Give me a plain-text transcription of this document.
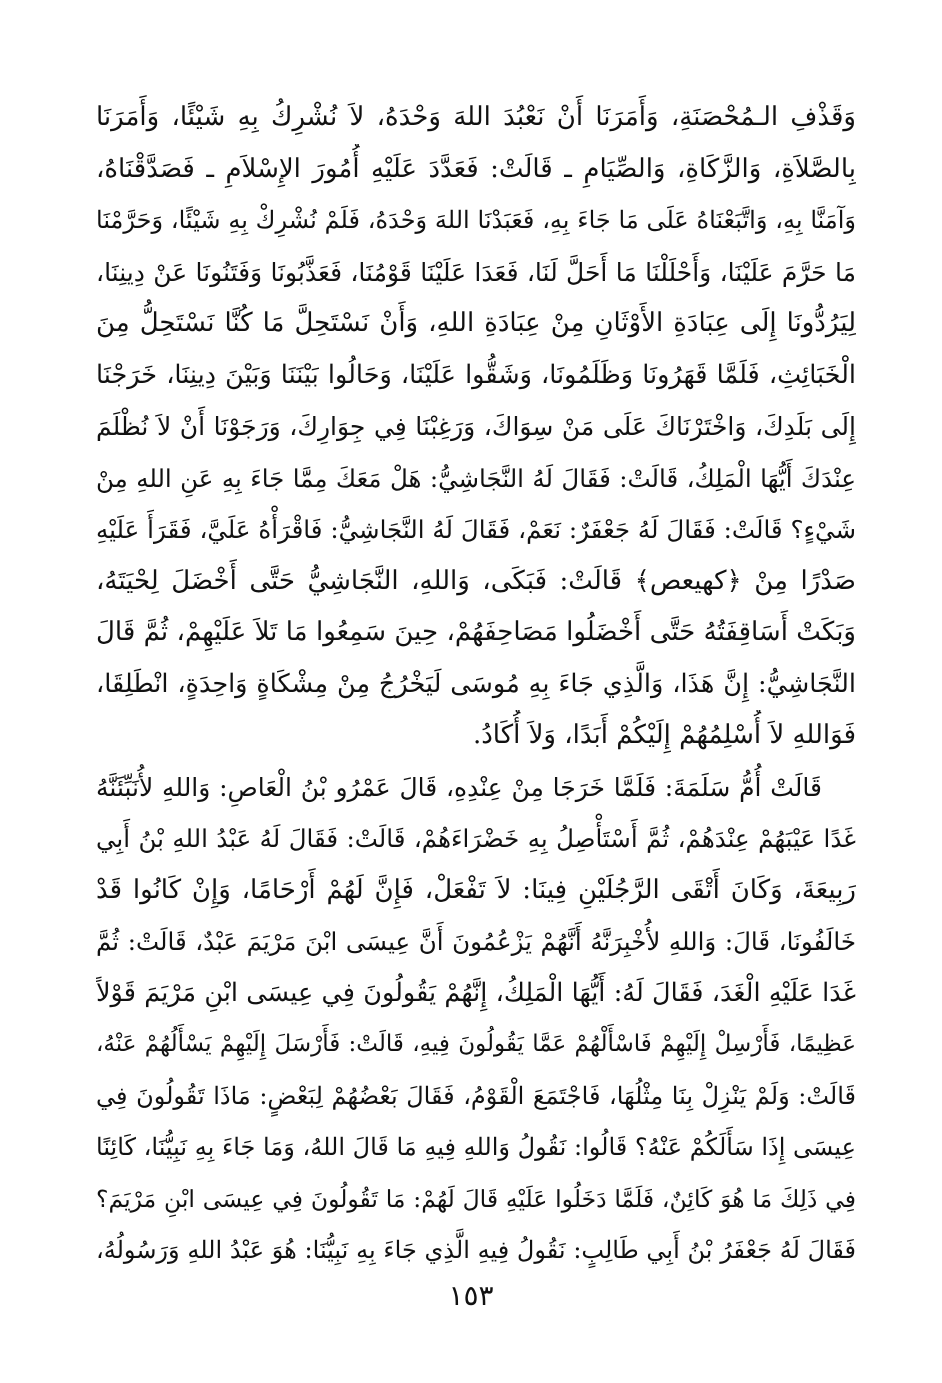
وَقَذْفِ الـمُحْصَنَةِ، وَأَمَرَنَا أَنْ نَعْبُدَ اللهَ وَحْدَهُ، لاَ نُشْرِكُ بِهِ شَيْئًا، وَأَمَرَنَا
بِالصَّلاَةِ، وَالزَّكَاةِ، وَالصِّيَامِ ـ قَالَتْ: فَعَدَّدَ عَلَيْهِ أُمُورَ الإِسْلاَمِ ـ فَصَدَّقْنَاهُ،
وَآمَنَّا بِهِ، وَاتَّبَعْنَاهُ عَلَى مَا جَاءَ بِهِ، فَعَبَدْنَا اللهَ وَحْدَهُ، فَلَمْ نُشْرِكْ بِهِ شَيْئًا، وَحَرَّمْنَا
مَا حَرَّمَ عَلَيْنَا، وَأَحْلَلْنَا مَا أَحَلَّ لَنَا، فَعَدَا عَلَيْنَا قَوْمُنَا، فَعَذَّبُونَا وَفَتَنُونَا عَنْ دِينِنَا،
لِيَرُدُّونَا إِلَى عِبَادَةِ الأَوْثَانِ مِنْ عِبَادَةِ اللهِ، وَأَنْ نَسْتَحِلَّ مَا كُنَّا نَسْتَحِلُّ مِنَ
الْخَبَائِثِ، فَلَمَّا قَهَرُونَا وَظَلَمُونَا، وَشَقُّوا عَلَيْنَا، وَحَالُوا بَيْنَنَا وَبَيْنَ دِينِنَا، خَرَجْنَا
إِلَى بَلَدِكَ، وَاخْتَرْنَاكَ عَلَى مَنْ سِوَاكَ، وَرَغِبْنَا فِي جِوَارِكَ، وَرَجَوْنَا أَنْ لاَ نُظْلَمَ
عِنْدَكَ أَيُّهَا الْمَلِكُ، قَالَتْ: فَقَالَ لَهُ النَّجَاشِيُّ: هَلْ مَعَكَ مِمَّا جَاءَ بِهِ عَنِ اللهِ مِنْ
شَيْءٍ؟ قَالَتْ: فَقَالَ لَهُ جَعْفَرٌ: نَعَمْ، فَقَالَ لَهُ النَّجَاشِيُّ: فَاقْرَأْهُ عَلَيَّ، فَقَرَأَ عَلَيْهِ
صَدْرًا مِنْ ﴿كهيعص﴾ قَالَتْ: فَبَكَى، وَاللهِ، النَّجَاشِيُّ حَتَّى أَخْضَلَ لِحْيَتَهُ،
وَبَكَتْ أَسَاقِفَتُهُ حَتَّى أَخْضَلُوا مَصَاحِفَهُمْ، حِينَ سَمِعُوا مَا تَلاَ عَلَيْهِمْ، ثُمَّ قَالَ
النَّجَاشِيُّ: إِنَّ هَذَا، وَالَّذِي جَاءَ بِهِ مُوسَى لَيَخْرُجُ مِنْ مِشْكَاةٍ وَاحِدَةٍ، انْطَلِقَا،
فَوَاللهِ لاَ أُسْلِمُهُمْ إِلَيْكُمْ أَبَدًا، وَلاَ أُكَادُ.
قَالَتْ أُمُّ سَلَمَةَ: فَلَمَّا خَرَجَا مِنْ عِنْدِهِ، قَالَ عَمْرُو بْنُ الْعَاصِ: وَاللهِ لأُنَبِّئَنَّهُ
غَدًا عَيْبَهُمْ عِنْدَهُمْ، ثُمَّ أَسْتَأْصِلُ بِهِ خَضْرَاءَهُمْ، قَالَتْ: فَقَالَ لَهُ عَبْدُ اللهِ بْنُ أَبِي
رَبِيعَةَ، وَكَانَ أَتْقَى الرَّجُلَيْنِ فِينَا: لاَ تَفْعَلْ، فَإِنَّ لَهُمْ أَرْحَامًا، وَإِنْ كَانُوا قَدْ
خَالَفُونَا، قَالَ: وَاللهِ لأُخْبِرَنَّهُ أَنَّهُمْ يَزْعُمُونَ أَنَّ عِيسَى ابْنَ مَرْيَمَ عَبْدٌ، قَالَتْ: ثُمَّ
غَدَا عَلَيْهِ الْغَدَ، فَقَالَ لَهُ: أَيُّهَا الْمَلِكُ، إِنَّهُمْ يَقُولُونَ فِي عِيسَى ابْنِ مَرْيَمَ قَوْلاً
عَظِيمًا، فَأَرْسِلْ إِلَيْهِمْ فَاسْأَلْهُمْ عَمَّا يَقُولُونَ فِيهِ، قَالَتْ: فَأَرْسَلَ إِلَيْهِمْ يَسْأَلُهُمْ عَنْهُ،
قَالَتْ: وَلَمْ يَنْزِلْ بِنَا مِثْلُهَا، فَاجْتَمَعَ الْقَوْمُ، فَقَالَ بَعْضُهُمْ لِبَعْضٍ: مَاذَا تَقُولُونَ فِي
عِيسَى إِذَا سَأَلَكُمْ عَنْهُ؟ قَالُوا: نَقُولُ وَاللهِ فِيهِ مَا قَالَ اللهُ، وَمَا جَاءَ بِهِ نَبِيُّنَا، كَائِنًا
فِي ذَلِكَ مَا هُوَ كَائِنٌ، فَلَمَّا دَخَلُوا عَلَيْهِ قَالَ لَهُمْ: مَا تَقُولُونَ فِي عِيسَى ابْنِ مَرْيَمَ؟
فَقَالَ لَهُ جَعْفَرُ بْنُ أَبِي طَالِبٍ: نَقُولُ فِيهِ الَّذِي جَاءَ بِهِ نَبِيُّنَا: هُوَ عَبْدُ اللهِ وَرَسُولُهُ،
١٥٣
